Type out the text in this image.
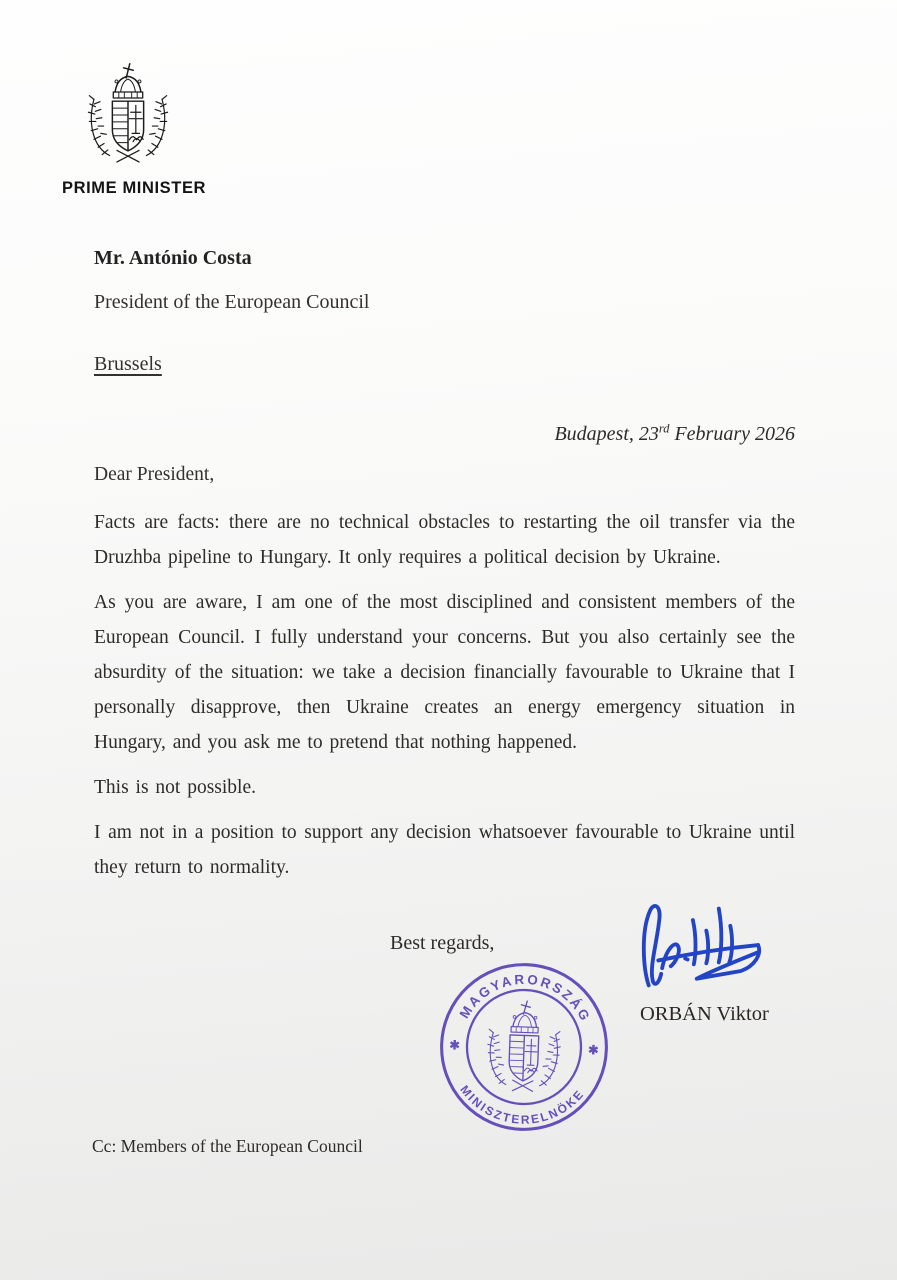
PRIME MINISTER

Mr. António Costa

President of the European Council

Brussels

Budapest, 23rd February 2026

Dear President,

Facts are facts: there are no technical obstacles to restarting the oil transfer via the Druzhba pipeline to Hungary. It only requires a political decision by Ukraine.

As you are aware, I am one of the most disciplined and consistent members of the European Council. I fully understand your concerns. But you also certainly see the absurdity of the situation: we take a decision financially favourable to Ukraine that I personally disapprove, then Ukraine creates an energy emergency situation in Hungary, and you ask me to pretend that nothing happened.

This is not possible.

I am not in a position to support any decision whatsoever favourable to Ukraine until they return to normality.

Best regards,
ORBÁN Viktor
MAGYARORSZÁG
MINISZTERELNÖKE
✱	✱

Cc: Members of the European Council
